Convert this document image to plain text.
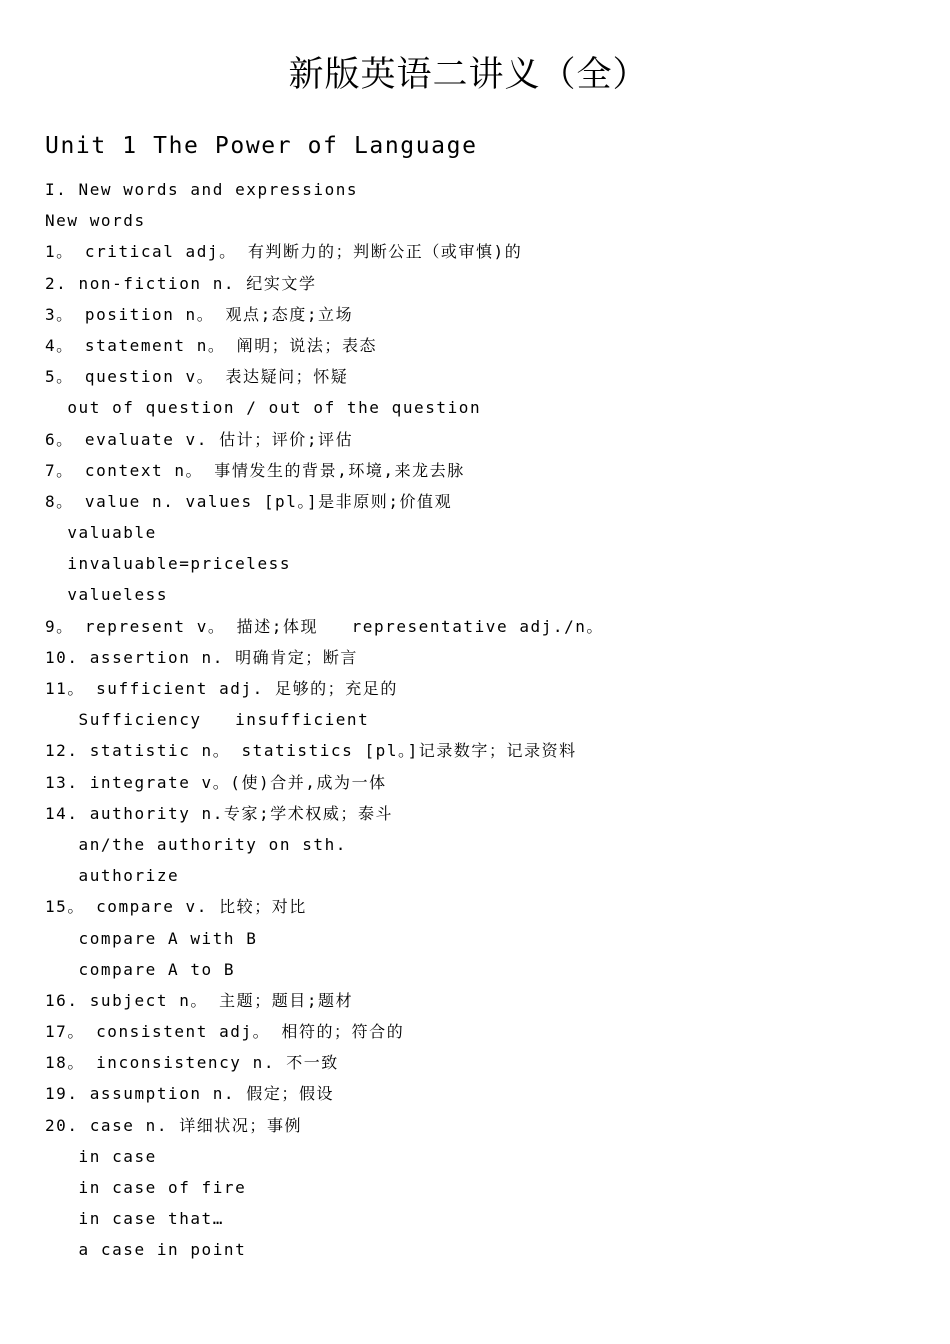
新版英语二讲义（全）
Unit 1 The Power of Language
I. New words and expressions
New words
1。 critical adj。 有判断力的；判断公正（或审慎)的
2. non-fiction n. 纪实文学
3。 position n。 观点;态度;立场
4。 statement n。 阐明；说法；表态
5。 question v。 表达疑问；怀疑
out of question / out of the question
6。 evaluate v. 估计；评价;评估
7。 context n。 事情发生的背景,环境,来龙去脉
8。 value n. values [pl。]是非原则;价值观
valuable
invaluable=priceless
valueless
9。 represent v。 描述;体现   representative adj./n。
10. assertion n. 明确肯定；断言
11。 sufficient adj. 足够的；充足的
Sufficiency   insufficient
12. statistic n。 statistics [pl。]记录数字；记录资料
13. integrate v。(使)合并,成为一体
14. authority n.专家;学术权威；泰斗
an/the authority on sth.
authorize
15。 compare v. 比较；对比
compare A with B
compare A to B
16. subject n。 主题；题目;题材
17。 consistent adj。 相符的；符合的
18。 inconsistency n. 不一致
19. assumption n. 假定；假设
20. case n. 详细状况；事例
in case
in case of fire
in case that…
a case in point
